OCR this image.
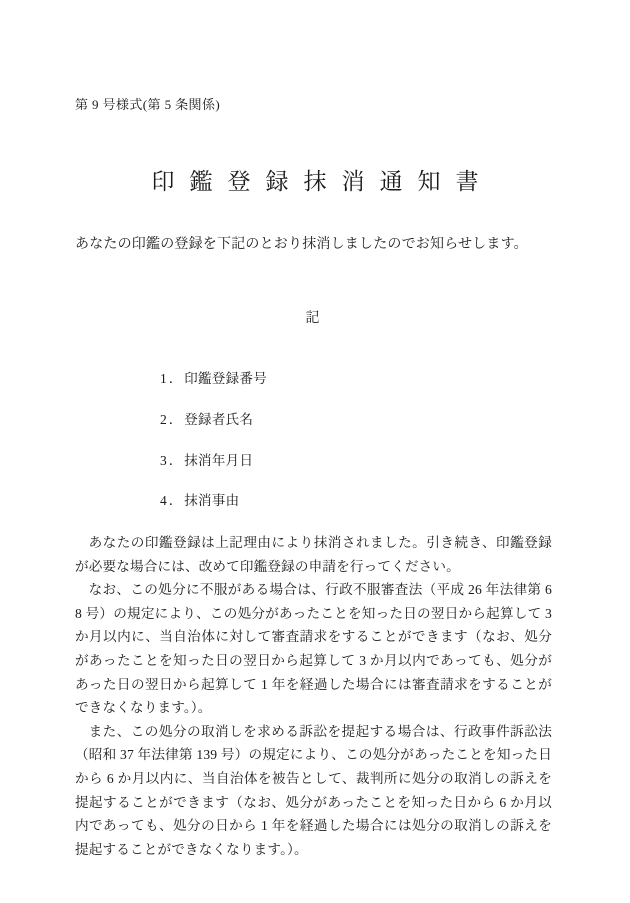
第 9 号様式(第 5 条関係)
印鑑登録抹消通知書
あなたの印鑑の登録を下記のとおり抹消しましたのでお知らせします。
記
1．印鑑登録番号
2．登録者氏名
3．抹消年月日
4．抹消事由

あなたの印鑑登録は上記理由により抹消されました。引き続き、印鑑登録が必要な場合には、改めて印鑑登録の申請を行ってください。

なお、この処分に不服がある場合は、行政不服審査法（平成 26 年法律第 68 号）の規定により、この処分があったことを知った日の翌日から起算して 3 か月以内に、当自治体に対して審査請求をすることができます（なお、処分があったことを知った日の翌日から起算して 3 か月以内であっても、処分があった日の翌日から起算して 1 年を経過した場合には審査請求をすることができなくなります。）。

また、この処分の取消しを求める訴訟を提起する場合は、行政事件訴訟法（昭和 37 年法律第 139 号）の規定により、この処分があったことを知った日から 6 か月以内に、当自治体を被告として、裁判所に処分の取消しの訴えを提起することができます（なお、処分があったことを知った日から 6 か月以内であっても、処分の日から 1 年を経過した場合には処分の取消しの訴えを提起することができなくなります。）。
